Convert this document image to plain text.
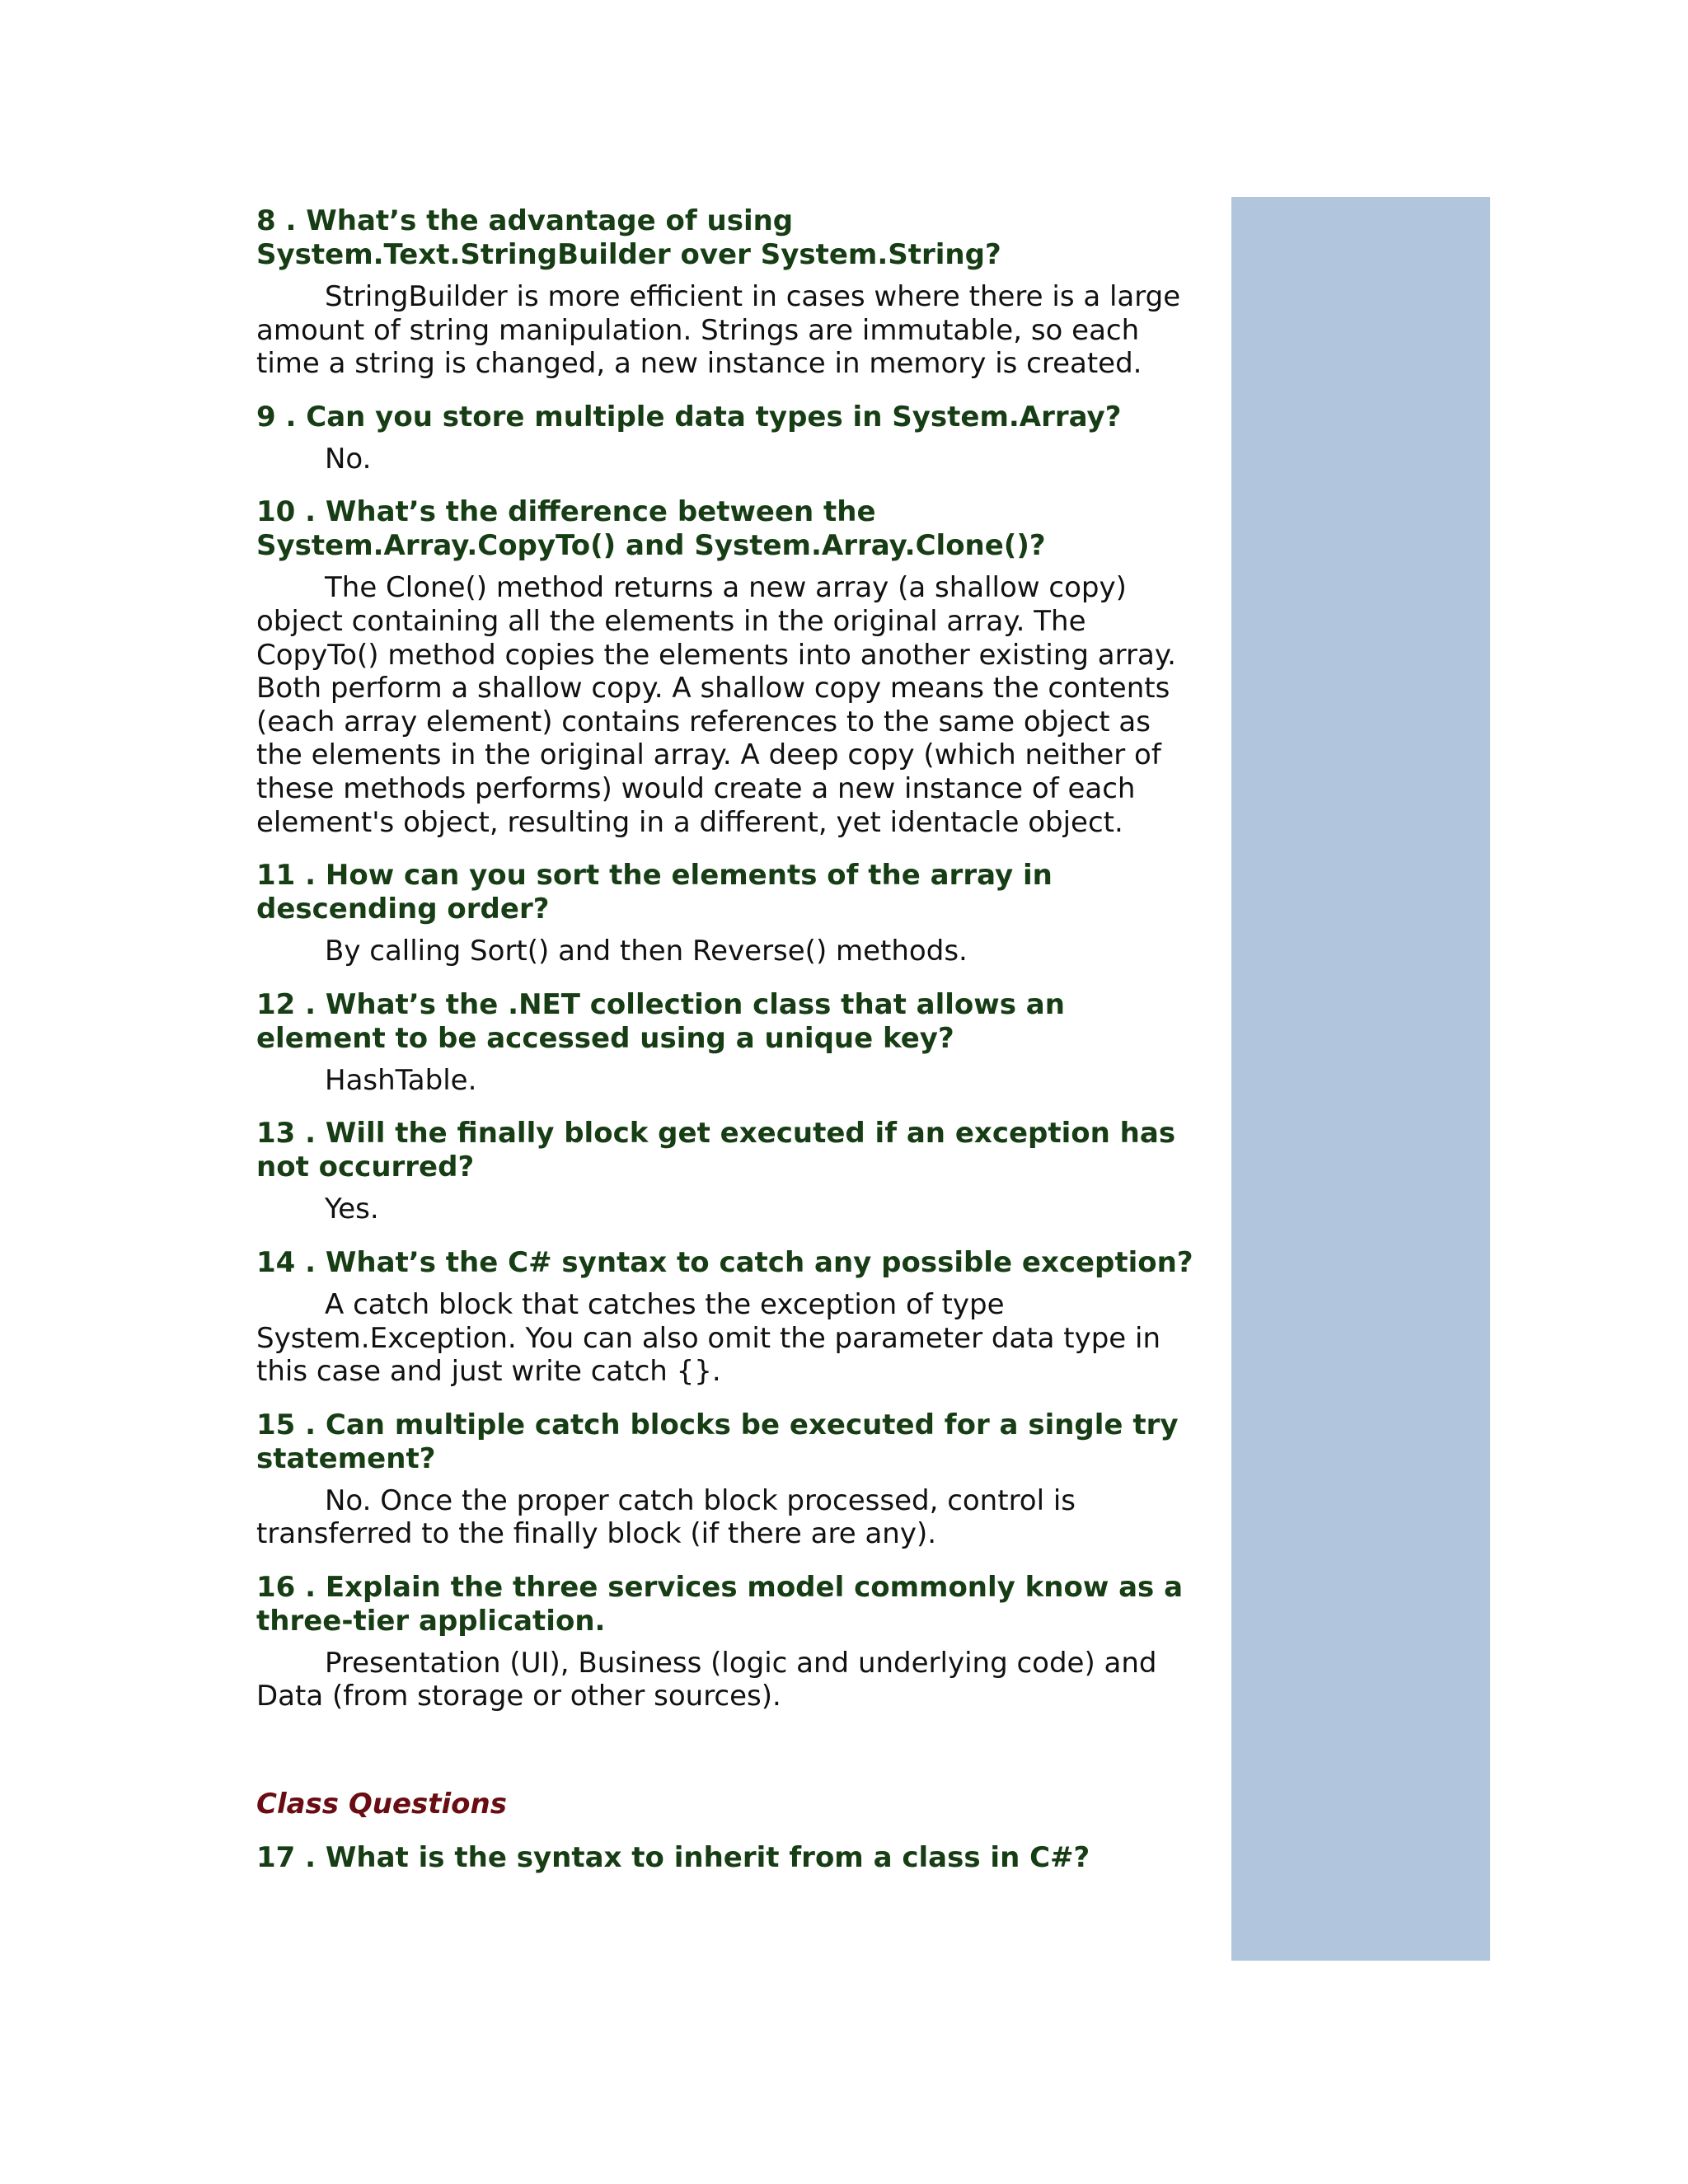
8 . What’s the advantage of using System.Text.StringBuilder over System.String?

StringBuilder is more efficient in cases where there is a large amount of string manipulation. Strings are immutable, so each time a string is changed, a new instance in memory is created.

9 . Can you store multiple data types in System.Array?

No.

10 . What’s the difference between the System.Array.CopyTo() and System.Array.Clone()?

The Clone() method returns a new array (a shallow copy) object containing all the elements in the original array. The CopyTo() method copies the elements into another existing array. Both perform a shallow copy. A shallow copy means the contents (each array element) contains references to the same object as the elements in the original array. A deep copy (which neither of these methods performs) would create a new instance of each element's object, resulting in a different, yet identacle object.

11 . How can you sort the elements of the array in descending order?

By calling Sort() and then Reverse() methods.

12 . What’s the .NET collection class that allows an element to be accessed using a unique key?

HashTable.

13 . Will the finally block get executed if an exception has not occurred?

Yes.

14 . What’s the C# syntax to catch any possible exception?

A catch block that catches the exception of type System.Exception. You can also omit the parameter data type in this case and just write catch {}.

15 . Can multiple catch blocks be executed for a single try statement?

No. Once the proper catch block processed, control is transferred to the finally block (if there are any).

16 . Explain the three services model commonly know as a three-tier application.

Presentation (UI), Business (logic and underlying code) and Data (from storage or other sources).

Class Questions

17 . What is the syntax to inherit from a class in C#?
